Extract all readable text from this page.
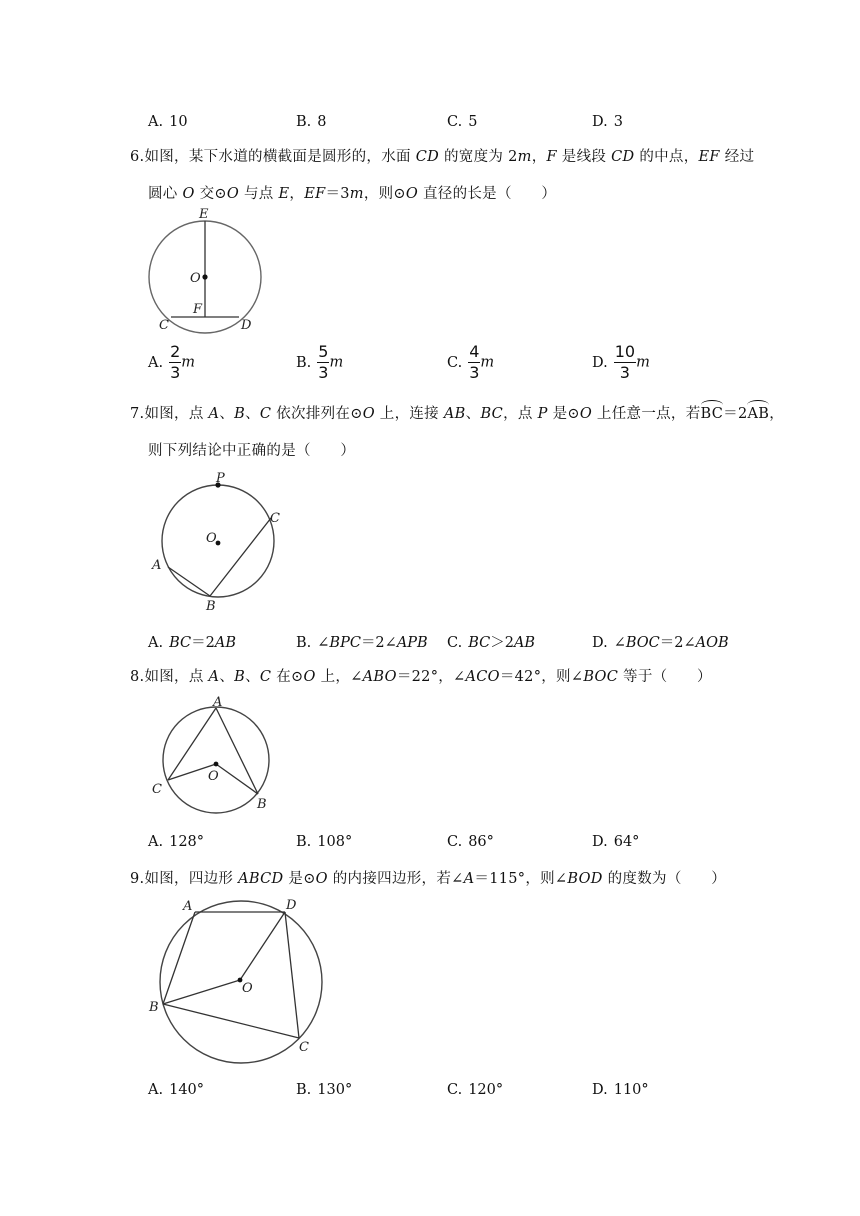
A. 10	B. 8	C. 5	D. 3
6.如图，某下水道的横截面是圆形的，水面 CD 的宽度为 2m，F 是线段 CD 的中点，EF 经过
圆心 O 交⊙O 与点 E，EF＝3m，则⊙O 直径的长是（　　）
E
O
F
C	D
A. $\frac{2}{3}$ m	B. $\frac{5}{3}$ m	C. $\frac{4}{3}$ m	D. $\frac{10}{3}$ m
7.如图，点 A、B、C 依次排列在⊙O 上，连接 AB、BC，点 P 是⊙O 上任意一点，若BC＝2AB，
则下列结论中正确的是（　　）
P
C
O
A
B
A. BC＝2AB	B. ∠BPC＝2∠APB C. BC＞2AB	D. ∠BOC＝2∠AOB
8.如图，点 A、B、C 在⊙O 上，∠ABO＝22°，∠ACO＝42°，则∠BOC 等于（　　）
A
C
O
B
A. 128°	B. 108°	C. 86°	D. 64°
9.如图，四边形 ABCD 是⊙O 的内接四边形，若∠A＝115°，则∠BOD 的度数为（　　）
A	D
O
B
C
A. 140°	B. 130°	C. 120°	D. 110°
